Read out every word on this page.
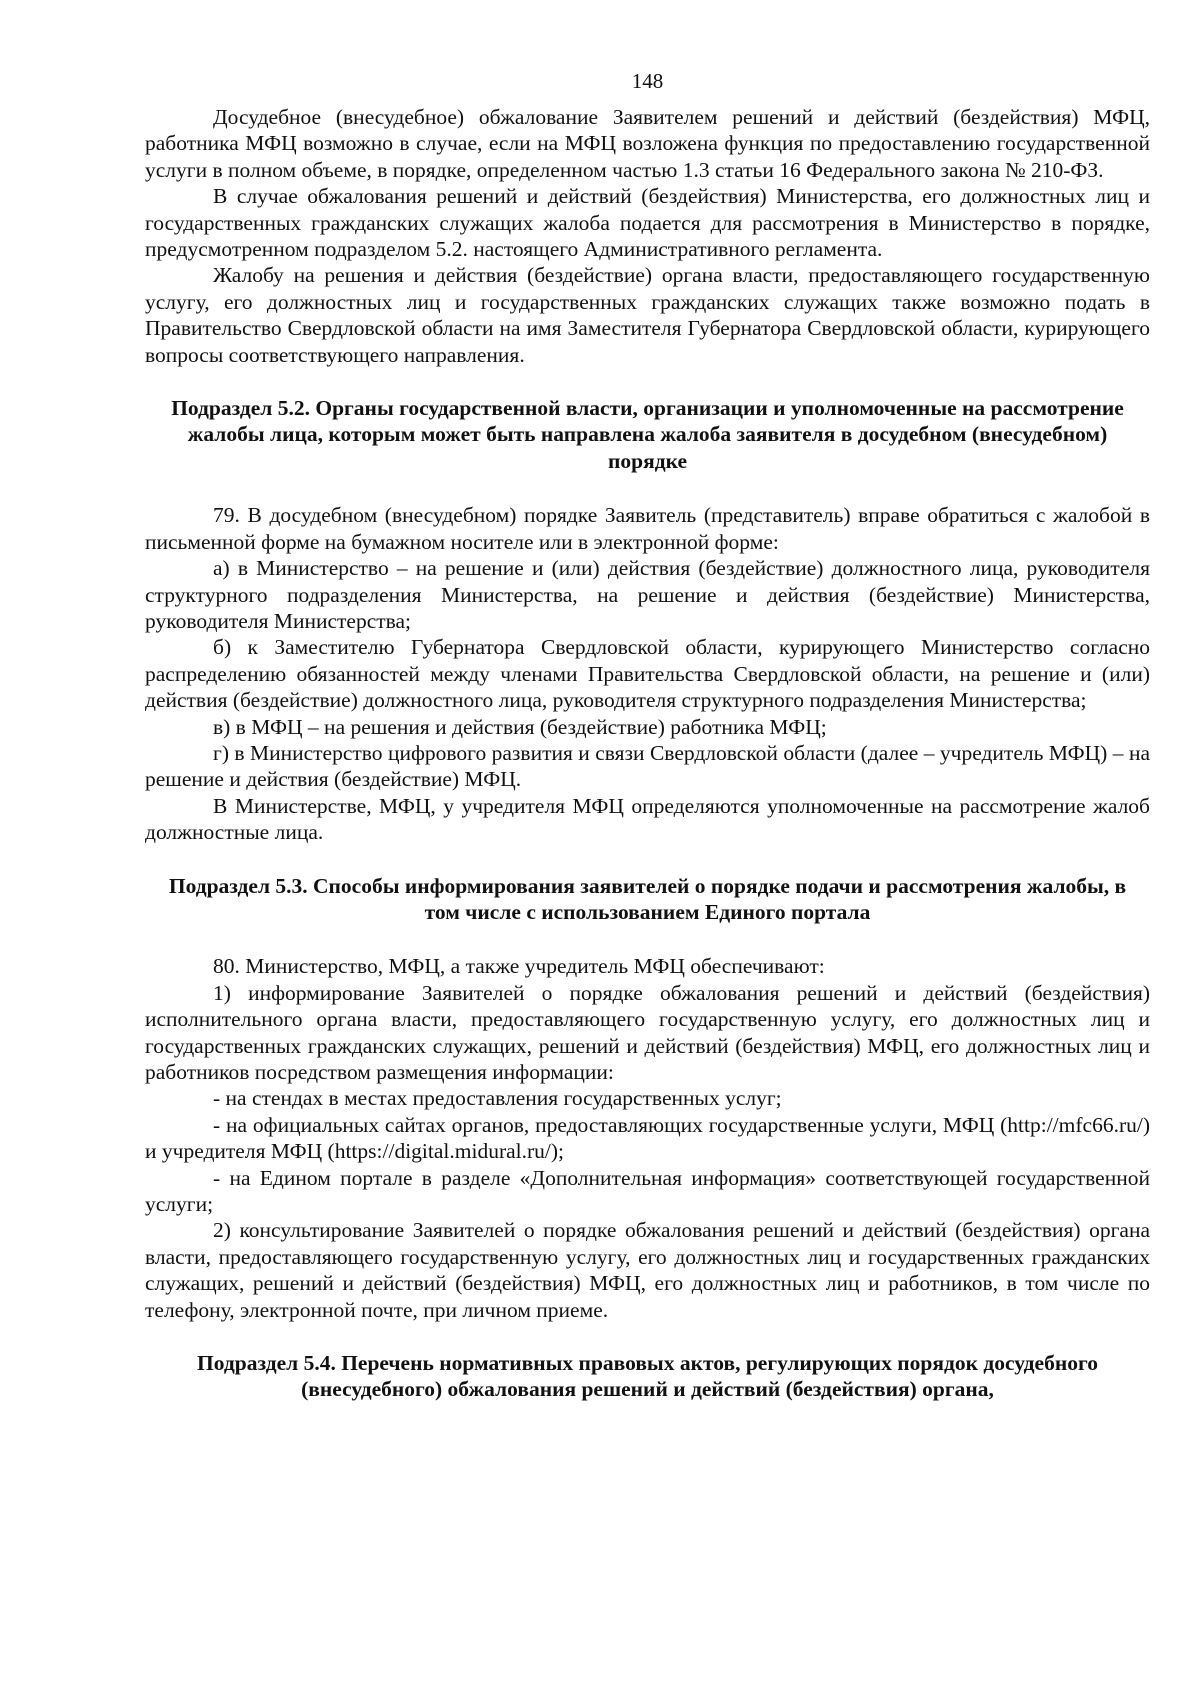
148

Досудебное (внесудебное) обжалование Заявителем решений и действий (бездействия) МФЦ, работника МФЦ возможно в случае, если на МФЦ возложена функция по предоставлению государственной услуги в полном объеме, в порядке, определенном частью 1.3 статьи 16 Федерального закона № 210-ФЗ.

В случае обжалования решений и действий (бездействия) Министерства, его должностных лиц и государственных гражданских служащих жалоба подается для рассмотрения в Министерство в порядке, предусмотренном подразделом 5.2. настоящего Административного регламента.

Жалобу на решения и действия (бездействие) органа власти, предоставляющего государственную услугу, его должностных лиц и государственных гражданских служащих также возможно подать в Правительство Свердловской области на имя Заместителя Губернатора Свердловской области, курирующего вопросы соответствующего направления.

Подраздел 5.2. Органы государственной власти, организации и уполномоченные на рассмотрение жалобы лица, которым может быть направлена жалоба заявителя в досудебном (внесудебном) порядке

79. В досудебном (внесудебном) порядке Заявитель (представитель) вправе обратиться с жалобой в письменной форме на бумажном носителе или в электронной форме:

а) в Министерство – на решение и (или) действия (бездействие) должностного лица, руководителя структурного подразделения Министерства, на решение и действия (бездействие) Министерства, руководителя Министерства;

б) к Заместителю Губернатора Свердловской области, курирующего Министерство согласно распределению обязанностей между членами Правительства Свердловской области, на решение и (или) действия (бездействие) должностного лица, руководителя структурного подразделения Министерства;

в) в МФЦ – на решения и действия (бездействие) работника МФЦ;

г) в Министерство цифрового развития и связи Свердловской области (далее – учредитель МФЦ) – на решение и действия (бездействие) МФЦ.

В Министерстве, МФЦ, у учредителя МФЦ определяются уполномоченные на рассмотрение жалоб должностные лица.

Подраздел 5.3. Способы информирования заявителей о порядке подачи и рассмотрения жалобы, в том числе с использованием Единого портала

80. Министерство, МФЦ, а также учредитель МФЦ обеспечивают:

1) информирование Заявителей о порядке обжалования решений и действий (бездействия) исполнительного органа власти, предоставляющего государственную услугу, его должностных лиц и государственных гражданских служащих, решений и действий (бездействия) МФЦ, его должностных лиц и работников посредством размещения информации:

- на стендах в местах предоставления государственных услуг;

- на официальных сайтах органов, предоставляющих государственные услуги, МФЦ (http://mfc66.ru/) и учредителя МФЦ (https://digital.midural.ru/);

- на Едином портале в разделе «Дополнительная информация» соответствующей государственной услуги;

2) консультирование Заявителей о порядке обжалования решений и действий (бездействия) органа власти, предоставляющего государственную услугу, его должностных лиц и государственных гражданских служащих, решений и действий (бездействия) МФЦ, его должностных лиц и работников, в том числе по телефону, электронной почте, при личном приеме.

Подраздел 5.4. Перечень нормативных правовых актов, регулирующих порядок досудебного (внесудебного) обжалования решений и действий (бездействия) органа,
